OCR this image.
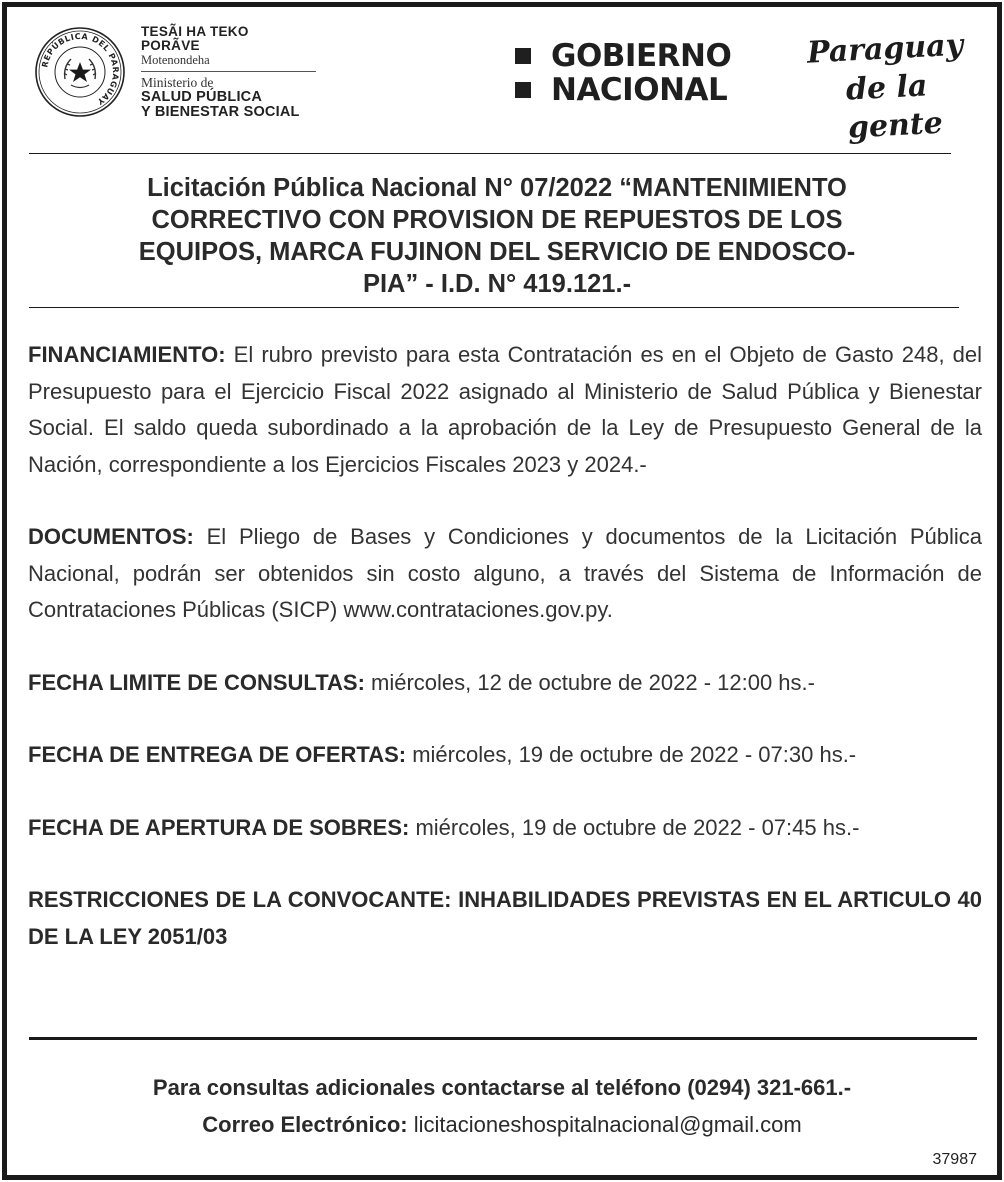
REPÚBLICA DEL PARAGUAY
TESÃI HA TEKO
PORÃVE
Motenondeha
Ministerio de
SALUD PÚBLICA
Y BIENESTAR SOCIAL
GOBIERNO
NACIONAL
Paraguay
de la gente
Licitación Pública Nacional N° 07/2022 “MANTENIMIENTO
CORRECTIVO CON PROVISION DE REPUESTOS DE LOS
EQUIPOS, MARCA FUJINON DEL SERVICIO DE ENDOSCO-
PIA” - I.D. N° 419.121.-

FINANCIAMIENTO: El rubro previsto para esta Contratación es en el Objeto de Gasto 248, del Presupuesto para el Ejercicio Fiscal 2022 asignado al Ministerio de Salud Pública y Bienestar Social. El saldo queda subordinado a la aprobación de la Ley de Presupuesto General de la Nación, correspondiente a los Ejercicios Fiscales 2023 y 2024.-

DOCUMENTOS: El Pliego de Bases y Condiciones y documentos de la Licitación Pública Nacional, podrán ser obtenidos sin costo alguno, a través del Sistema de Información de Contrataciones Públicas (SICP) www.contrataciones.gov.py.

FECHA LIMITE DE CONSULTAS: miércoles, 12 de octubre de 2022 - 12:00 hs.-

FECHA DE ENTREGA DE OFERTAS: miércoles, 19 de octubre de 2022 - 07:30 hs.-

FECHA DE APERTURA DE SOBRES: miércoles, 19 de octubre de 2022 - 07:45 hs.-

RESTRICCIONES DE LA CONVOCANTE: INHABILIDADES PREVISTAS EN EL ARTICULO 40 DE LA LEY 2051/03

Para consultas adicionales contactarse al teléfono (0294) 321-661.-
Correo Electrónico: licitacioneshospitalnacional@gmail.com
37987
